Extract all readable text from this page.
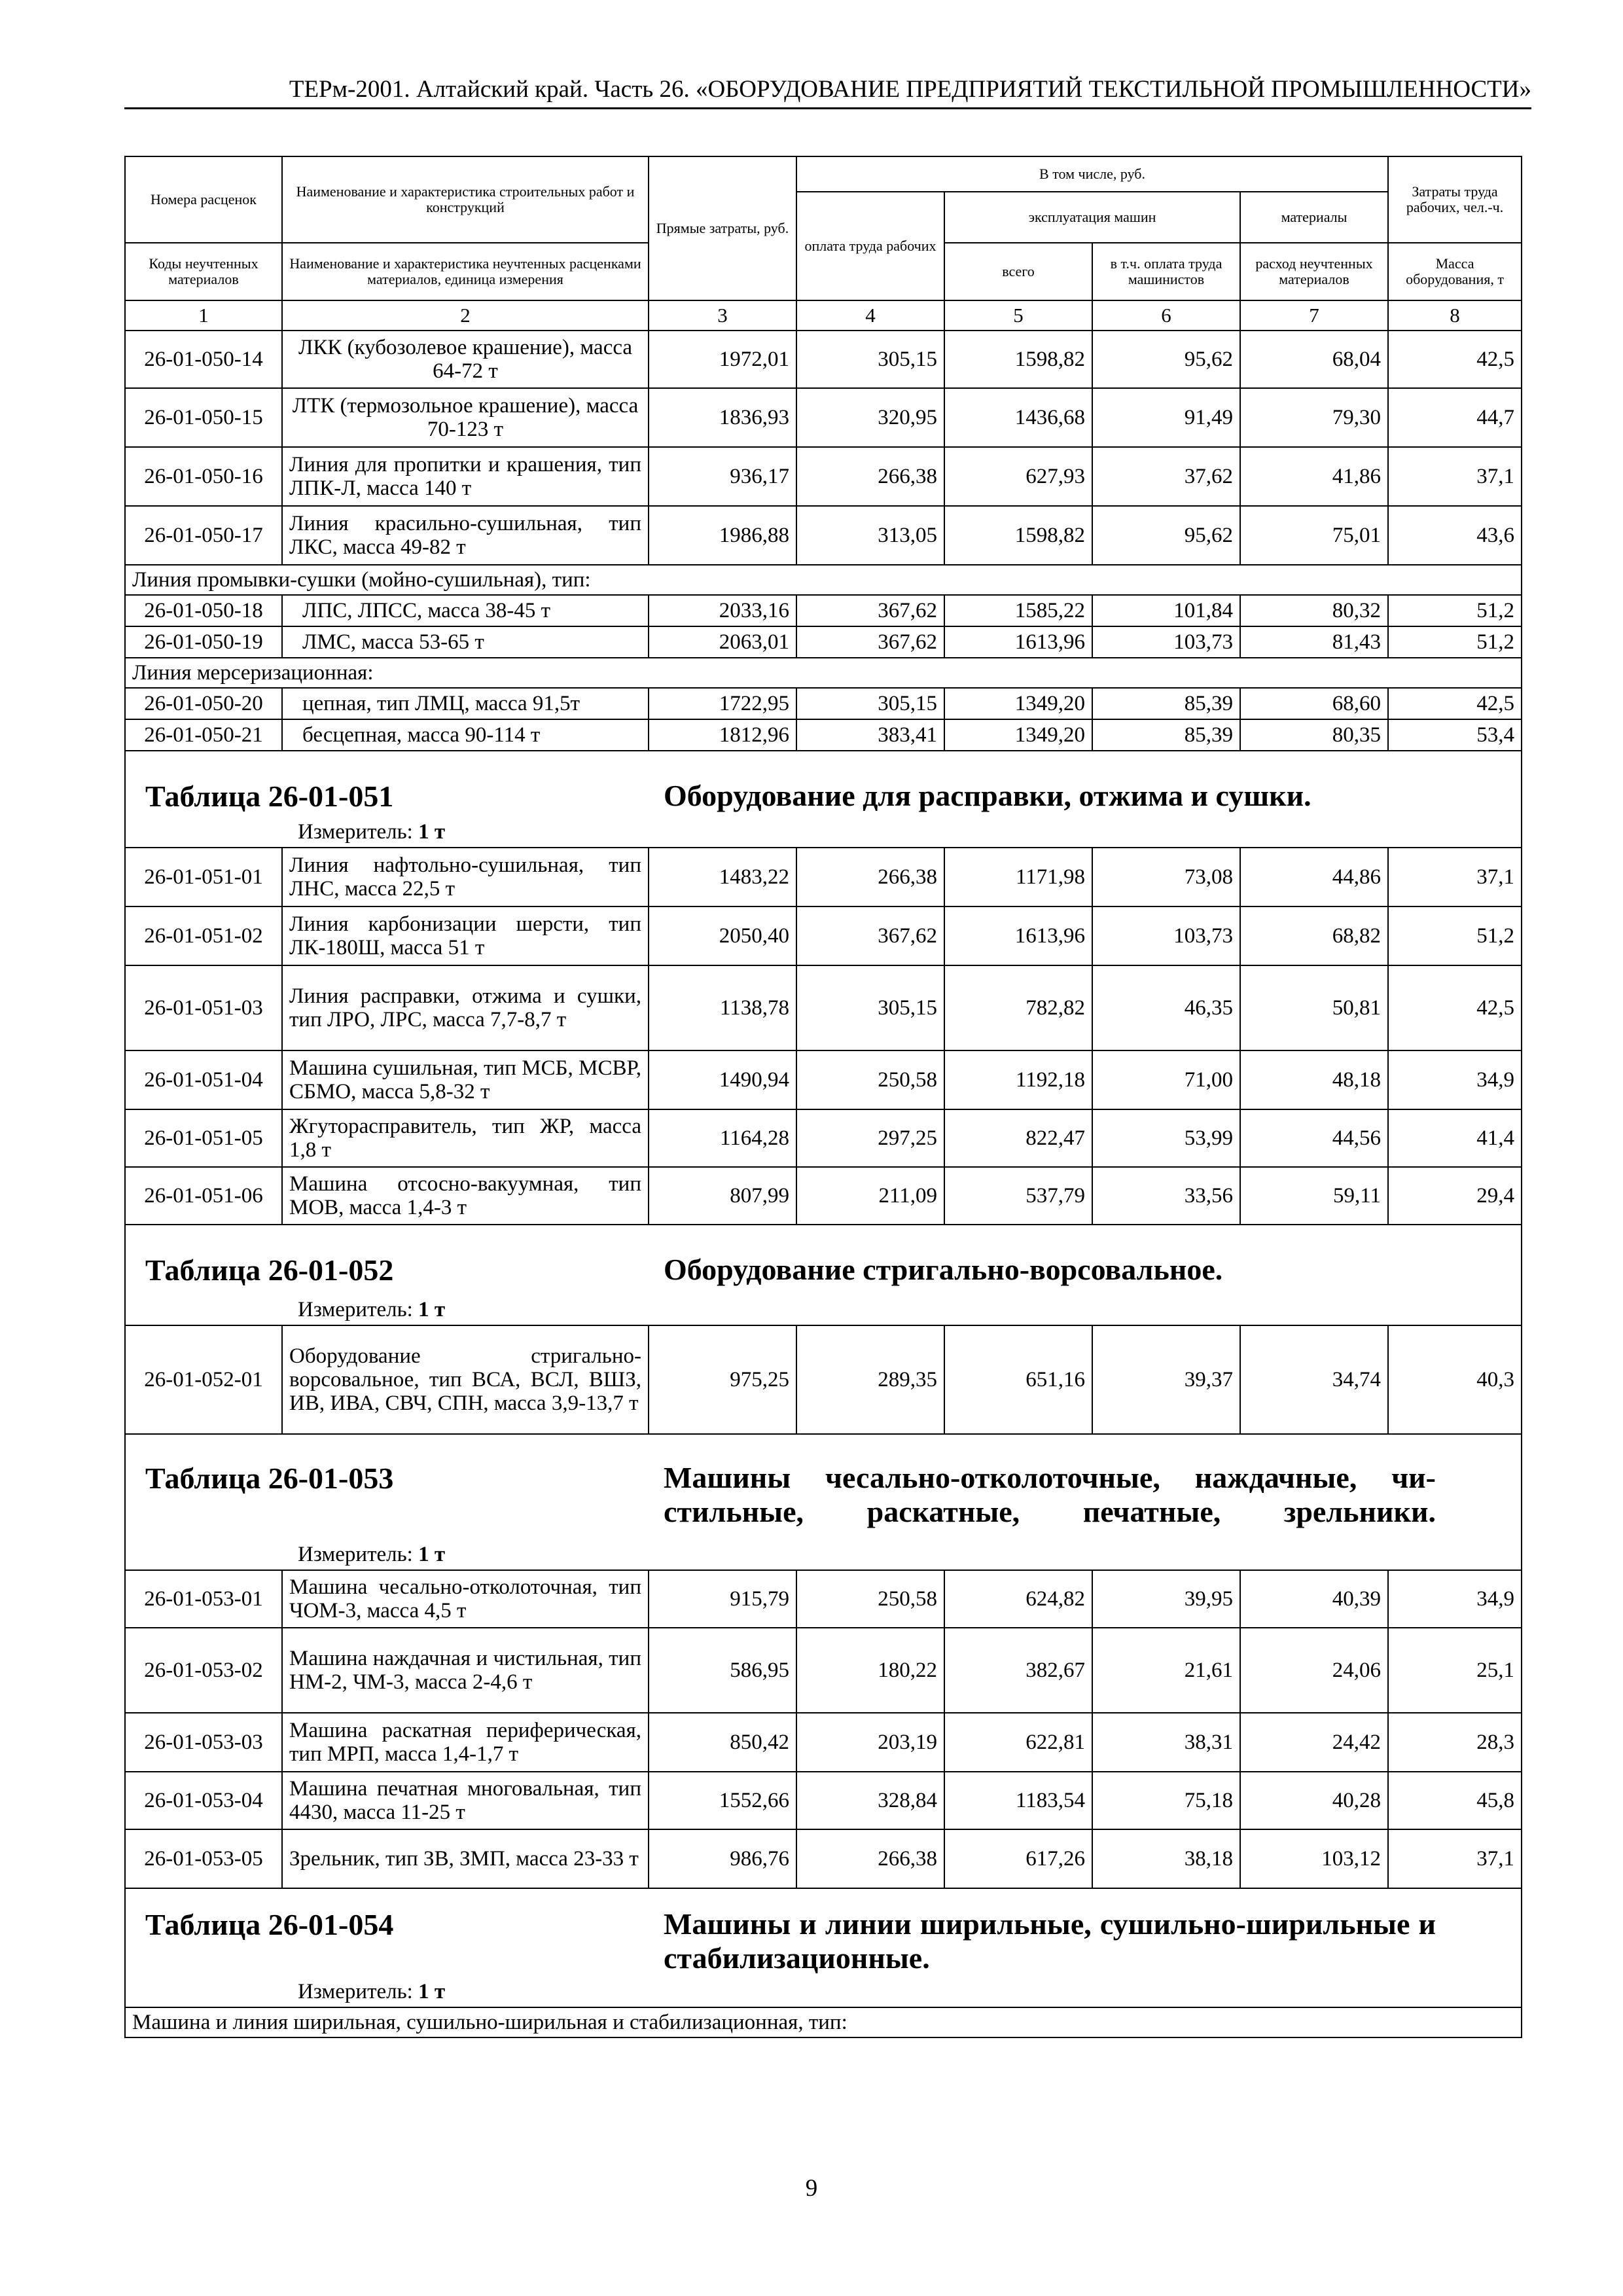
ТЕРм-2001. Алтайский край. Часть 26. «ОБОРУДОВАНИЕ ПРЕДПРИЯТИЙ ТЕКСТИЛЬНОЙ ПРОМЫШЛЕННОСТИ»
Номера расценок	Наименование и характеристика строительных работ и конструкций	Прямые затраты, руб.	В том числе, руб.				Затраты труда рабочих, чел.-ч.
			оплата труда рабочих	эксплуатация машин		материалы	
Коды неучтенных материалов	Наименование и характеристика неучтенных расценками материалов, единица измерения			всего	в т.ч. оплата труда машинистов	расход неучтенных материалов	Масса оборудования, т
1	2	3	4	5	6	7	8
26-01-050-14	ЛКК (кубозолевое крашение), масса 64-72 т	1972,01	305,15	1598,82	95,62	68,04	42,5
26-01-050-15	ЛТК (термозольное крашение), масса 70-123 т	1836,93	320,95	1436,68	91,49	79,30	44,7
26-01-050-16	Линия для пропитки и крашения, тип ЛПК-Л, масса 140 т	936,17	266,38	627,93	37,62	41,86	37,1
26-01-050-17	Линия красильно-сушильная, тип ЛКС, масса 49-82 т	1986,88	313,05	1598,82	95,62	75,01	43,6
Линия промывки-сушки (мойно-сушильная), тип:							
26-01-050-18	ЛПС, ЛПСС, масса 38-45 т	2033,16	367,62	1585,22	101,84	80,32	51,2
26-01-050-19	ЛМС, масса 53-65 т	2063,01	367,62	1613,96	103,73	81,43	51,2
Линия мерсеризационная:							
26-01-050-20	цепная, тип ЛМЦ, масса 91,5т	1722,95	305,15	1349,20	85,39	68,60	42,5
26-01-050-21	бесцепная, масса 90-114 т	1812,96	383,41	1349,20	85,39	80,35	53,4

Таблица 26-01-051 Оборудование для расправки, отжима и сушки.
Измеритель: 1 т							

26-01-051-01	Линия нафтольно-сушильная, тип ЛНС, масса 22,5 т	1483,22	266,38	1171,98	73,08	44,86	37,1
26-01-051-02	Линия карбонизации шерсти, тип ЛК-180Ш, масса 51 т	2050,40	367,62	1613,96	103,73	68,82	51,2
26-01-051-03	Линия расправки, отжима и сушки, тип ЛРО, ЛРС, масса 7,7-8,7 т	1138,78	305,15	782,82	46,35	50,81	42,5
26-01-051-04	Машина сушильная, тип МСБ, МСВР, СБМО, масса 5,8-32 т	1490,94	250,58	1192,18	71,00	48,18	34,9
26-01-051-05	Жгуторасправитель, тип ЖР, масса 1,8 т	1164,28	297,25	822,47	53,99	44,56	41,4
26-01-051-06	Машина отсосно-вакуумная, тип МОВ, масса 1,4-3 т	807,99	211,09	537,79	33,56	59,11	29,4

Таблица 26-01-052 Оборудование стригально-ворсовальное.
Измеритель: 1 т							

26-01-052-01	Оборудование стригально-ворсовальное, тип ВСА, ВСЛ, ВШЗ, ИВ, ИВА, СВЧ, СПН, масса 3,9-13,7 т	975,25	289,35	651,16	39,37	34,74	40,3

Таблица 26-01-053 Машины чесально-отколоточные, наждачные, чистильные, раскатные, печатные, зрельники.
Измеритель: 1 т							

26-01-053-01	Машина чесально-отколоточная, тип ЧОМ-3, масса 4,5 т	915,79	250,58	624,82	39,95	40,39	34,9
26-01-053-02	Машина наждачная и чистильная, тип НМ-2, ЧМ-3, масса 2-4,6 т	586,95	180,22	382,67	21,61	24,06	25,1
26-01-053-03	Машина раскатная периферическая, тип МРП, масса 1,4-1,7 т	850,42	203,19	622,81	38,31	24,42	28,3
26-01-053-04	Машина печатная многовальная, тип 4430, масса 11-25 т	1552,66	328,84	1183,54	75,18	40,28	45,8
26-01-053-05	Зрельник, тип ЗВ, ЗМП, масса 23-33 т	986,76	266,38	617,26	38,18	103,12	37,1

Таблица 26-01-054 Машины и линии ширильные, сушильно-ширильные и стабилизационные.
Измеритель: 1 т							

Машина и линия ширильная, сушильно-ширильная и стабилизационная, тип:							
9
